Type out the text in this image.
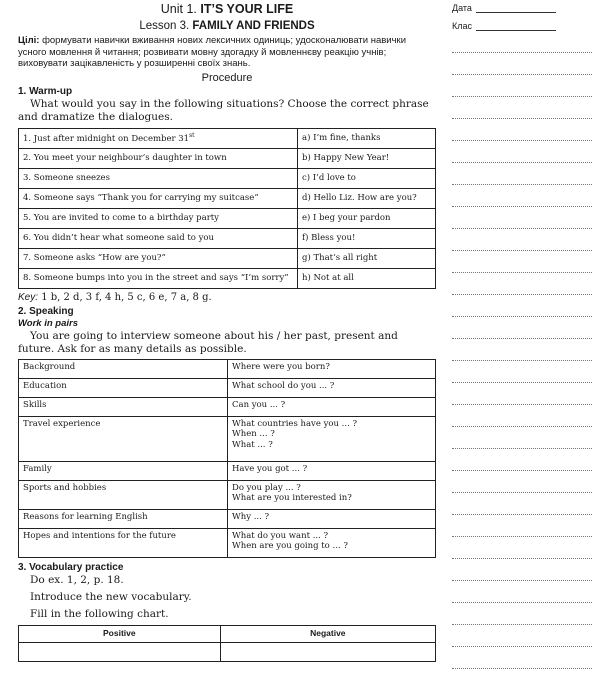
Unit 1. IT’S YOUR LIFE
Lesson 3. FAMILY AND FRIENDS
Цілі: формувати навички вживання нових лексичних одиниць; удосконалювати навички усного мовлення й читання; розвивати мовну здогадку й мовленнєву реакцію учнів; виховувати зацікавленість у розширенні своїх знань.
Procedure
1. Warm-up
What would you say in the following situations? Choose the correct phrase and dramatize the dialogues.
1. Just after midnight on December 31st	a) I’m fine, thanks
2. You meet your neighbour’s daughter in town	b) Happy New Year!
3. Someone sneezes	c) I’d love to
4. Someone says “Thank you for carrying my suitcase”	d) Hello Liz. How are you?
5. You are invited to come to a birthday party	e) I beg your pardon
6. You didn’t hear what someone said to you	f) Bless you!
7. Someone asks “How are you?”	g) That’s all right
8. Someone bumps into you in the street and says “I’m sorry”	h) Not at all
Key: 1 b, 2 d, 3 f, 4 h, 5 c, 6 e, 7 a, 8 g.
2. Speaking
Work in pairs
You are going to interview someone about his / her past, present and future. Ask for as many details as possible.
Background	Where were you born?

Education	What school do you ... ?

Skills	Can you ... ?

Travel experience	What countries have you ... ?
When ... ?
What ... ?

Family	Have you got ... ?

Sports and hobbies	Do you play ... ?
What are you interested in?

Reasons for learning English	Why ... ?

Hopes and intentions for the future	What do you want ... ?
When are you going to ... ?
3. Vocabulary practice
Do ex. 1, 2, p. 18.
Introduce the new vocabulary.
Fill in the following chart.
Positive	Negative

Дата
Клас
